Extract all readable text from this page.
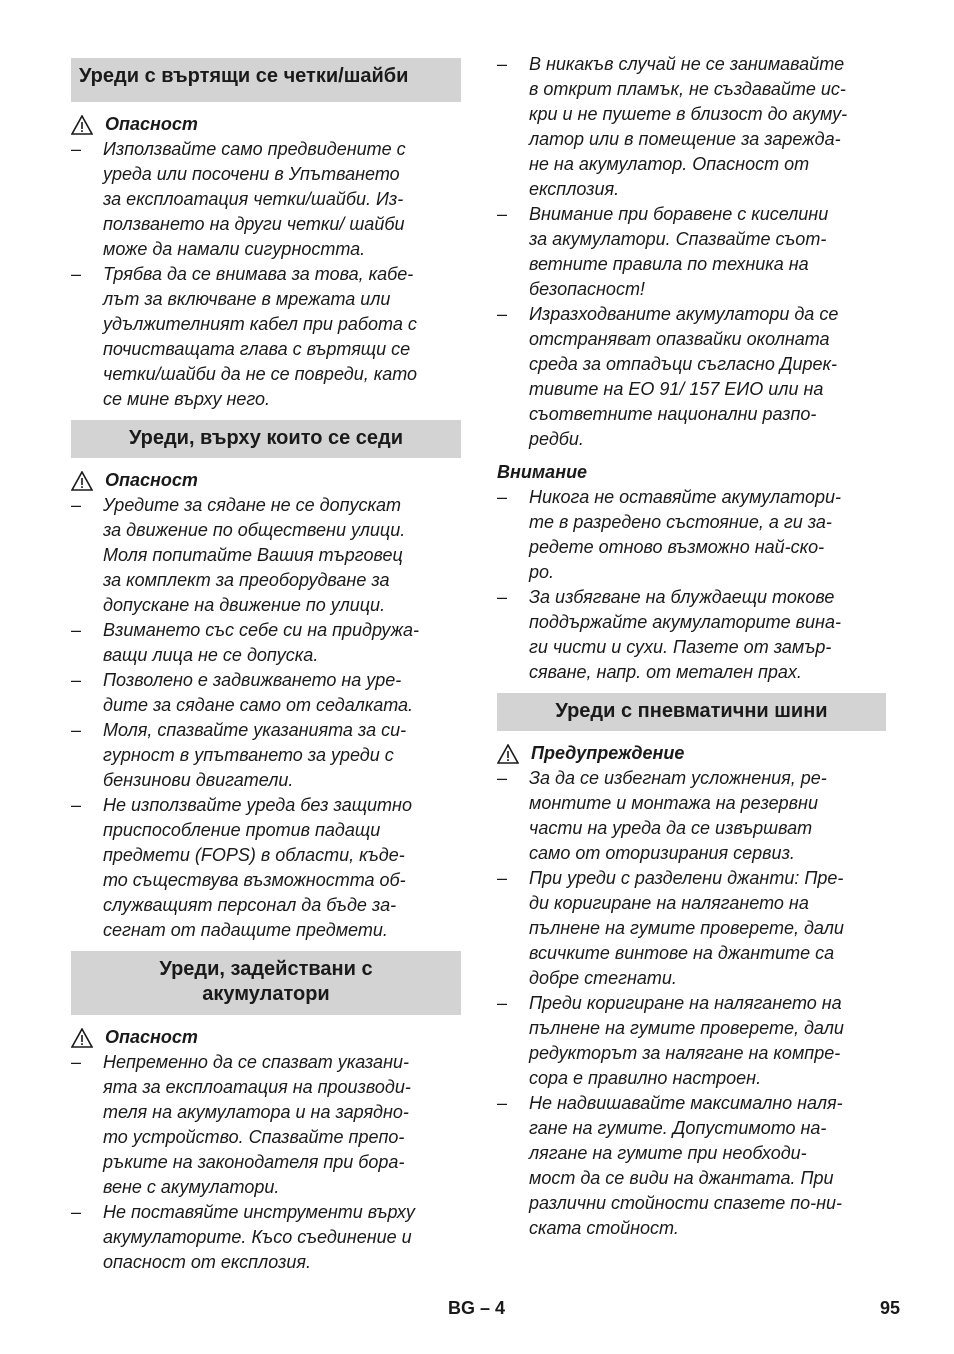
Уреди с въртящи се четки/шайби
Опасност
– Използвайте само предвидените с
уреда или посочени в Упътването
за експлоатация четки/шайби. Из-
ползването на други четки/ шайби
може да намали сигурността.
– Трябва да се внимава за това, кабе-
лът за включване в мрежата или
удължителният кабел при работа с
почистващата глава с въртящи се
четки/шайби да не се повреди, като
се мине върху него.
Уреди, върху които се седи
Опасност
– Уредите за сядане не се допускат
за движение по обществени улици.
Моля попитайте Вашия търговец
за комплект за преоборудване за
допускане на движение по улици.
– Взимането със себе си на придружа-
ващи лица не се допуска.
– Позволено е задвижването на уре-
дите за сядане само от седалката.
– Моля, спазвайте указанията за си-
гурност в упътването за уреди с
бензинови двигатели.
– Не използвайте уреда без защитно
приспособление против падащи
предмети (FOPS) в области, къде-
то съществува възможността об-
служващият персонал да бъде за-
сегнат от падащите предмети.
Уреди, задействани с
акумулатори
Опасност
– Непременно да се спазват указани-
ята за експлоатация на производи-
теля на акумулатора и на зарядно-
то устройство. Спазвайте препо-
ръките на законодателя при бора-
вене с акумулатори.
– Не поставяйте инструменти върху
акумулаторите. Късо съединение и
опасност от експлозия.
– В никакъв случай не се занимавайте
в открит пламък, не създавайте ис-
кри и не пушете в близост до акуму-
латор или в помещение за зарежда-
не на акумулатор. Опасност от
експлозия.
– Внимание при боравене с киселини
за акумулатори. Спазвайте съот-
ветните правила по техника на
безопасност!
– Изразходваните акумулатори да се
отстраняват опазвайки околната
среда за отпадъци съгласно Дирек-
тивите на ЕО 91/ 157 ЕИО или на
съответните национални разпо-
редби.
Внимание
– Никога не оставяйте акумулатори-
те в разредено състояние, а ги за-
редете отново възможно най-ско-
ро.
– За избягване на блуждаещи токове
поддържайте акумулаторите вина-
ги чисти и сухи. Пазете от замър-
сяване, напр. от метален прах.
Уреди с пневматични шини
Предупреждение
– За да се избегнат усложнения, ре-
монтите и монтажа на резервни
части на уреда да се извършват
само от оторизирания сервиз.
– При уреди с разделени джанти: Пре-
ди коригиране на налягането на
пълнене на гумите проверете, дали
всичките винтове на джантите са
добре стегнати.
– Преди коригиране на налягането на
пълнене на гумите проверете, дали
редукторът за налягане на компре-
сора е правилно настроен.
– Не надвишавайте максимално наля-
гане на гумите. Допустимото на-
лягане на гумите при необходи-
мост да се види на джантата. При
различни стойности спазете по-ни-
ската стойност.
BG – 4	95
